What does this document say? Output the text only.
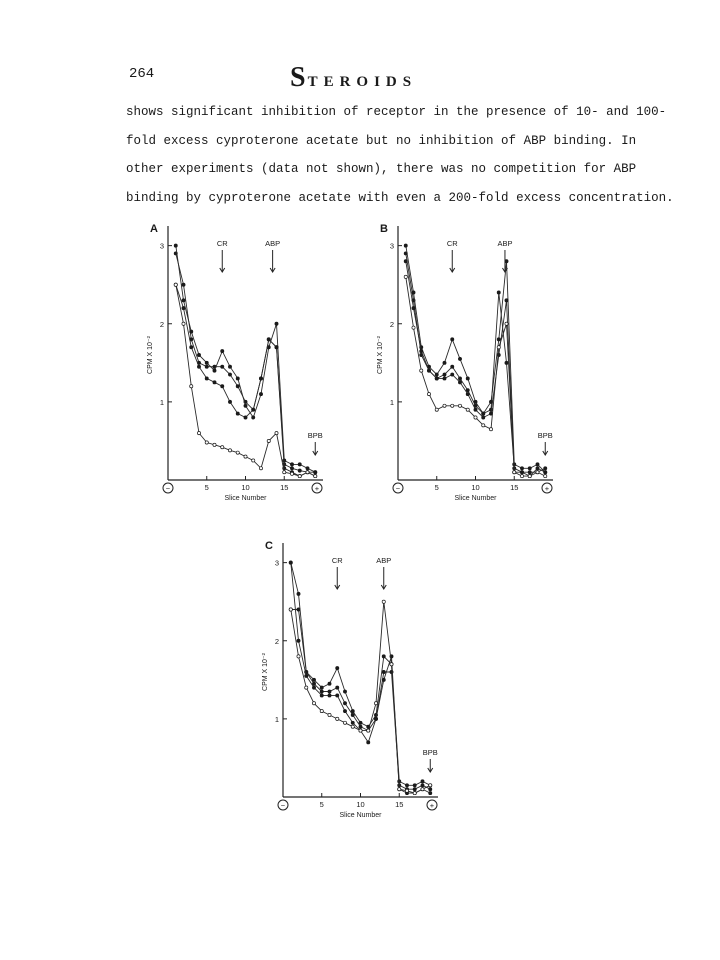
264	STEROIDS
shows significant inhibition of receptor in the presence of 10- and 100-
fold excess cyproterone acetate but no inhibition of ABP binding. In
other experiments (data not shown), there was no competition for ABP
binding by cyproterone acetate with even a 200-fold excess concentration.
A
1
2
3
5	10	15
−	+
Slice Number
CPM X 10⁻²
CR	ABP
BPB
B
1
2
3
5	10	15
−	+
Slice Number
CPM X 10⁻²
CR	ABP
BPB
C
1
2
3
5	10	15
−	+
Slice Number
CPM X 10⁻²
CR	ABP
BPB
